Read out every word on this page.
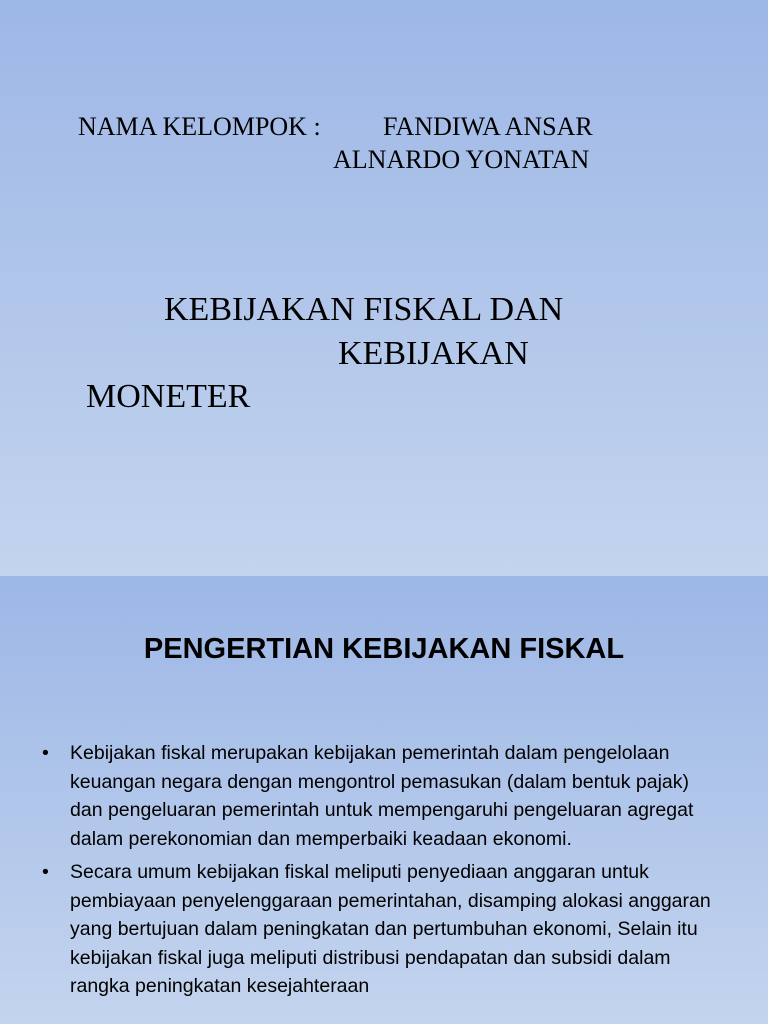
NAMA KELOMPOK : FANDIWA ANSAR
ALNARDO YONATAN
KEBIJAKAN FISKAL DAN
KEBIJAKAN
MONETER
PENGERTIAN KEBIJAKAN FISKAL
• Kebijakan fiskal merupakan kebijakan pemerintah dalam pengelolaan keuangan negara dengan mengontrol pemasukan (dalam bentuk pajak) dan pengeluaran pemerintah untuk mempengaruhi pengeluaran agregat dalam perekonomian dan memperbaiki keadaan ekonomi.
• Secara umum kebijakan fiskal meliputi penyediaan anggaran untuk pembiayaan penyelenggaraan pemerintahan, disamping alokasi anggaran yang bertujuan dalam peningkatan dan pertumbuhan ekonomi, Selain itu kebijakan fiskal juga meliputi distribusi pendapatan dan subsidi dalam rangka peningkatan kesejahteraan
